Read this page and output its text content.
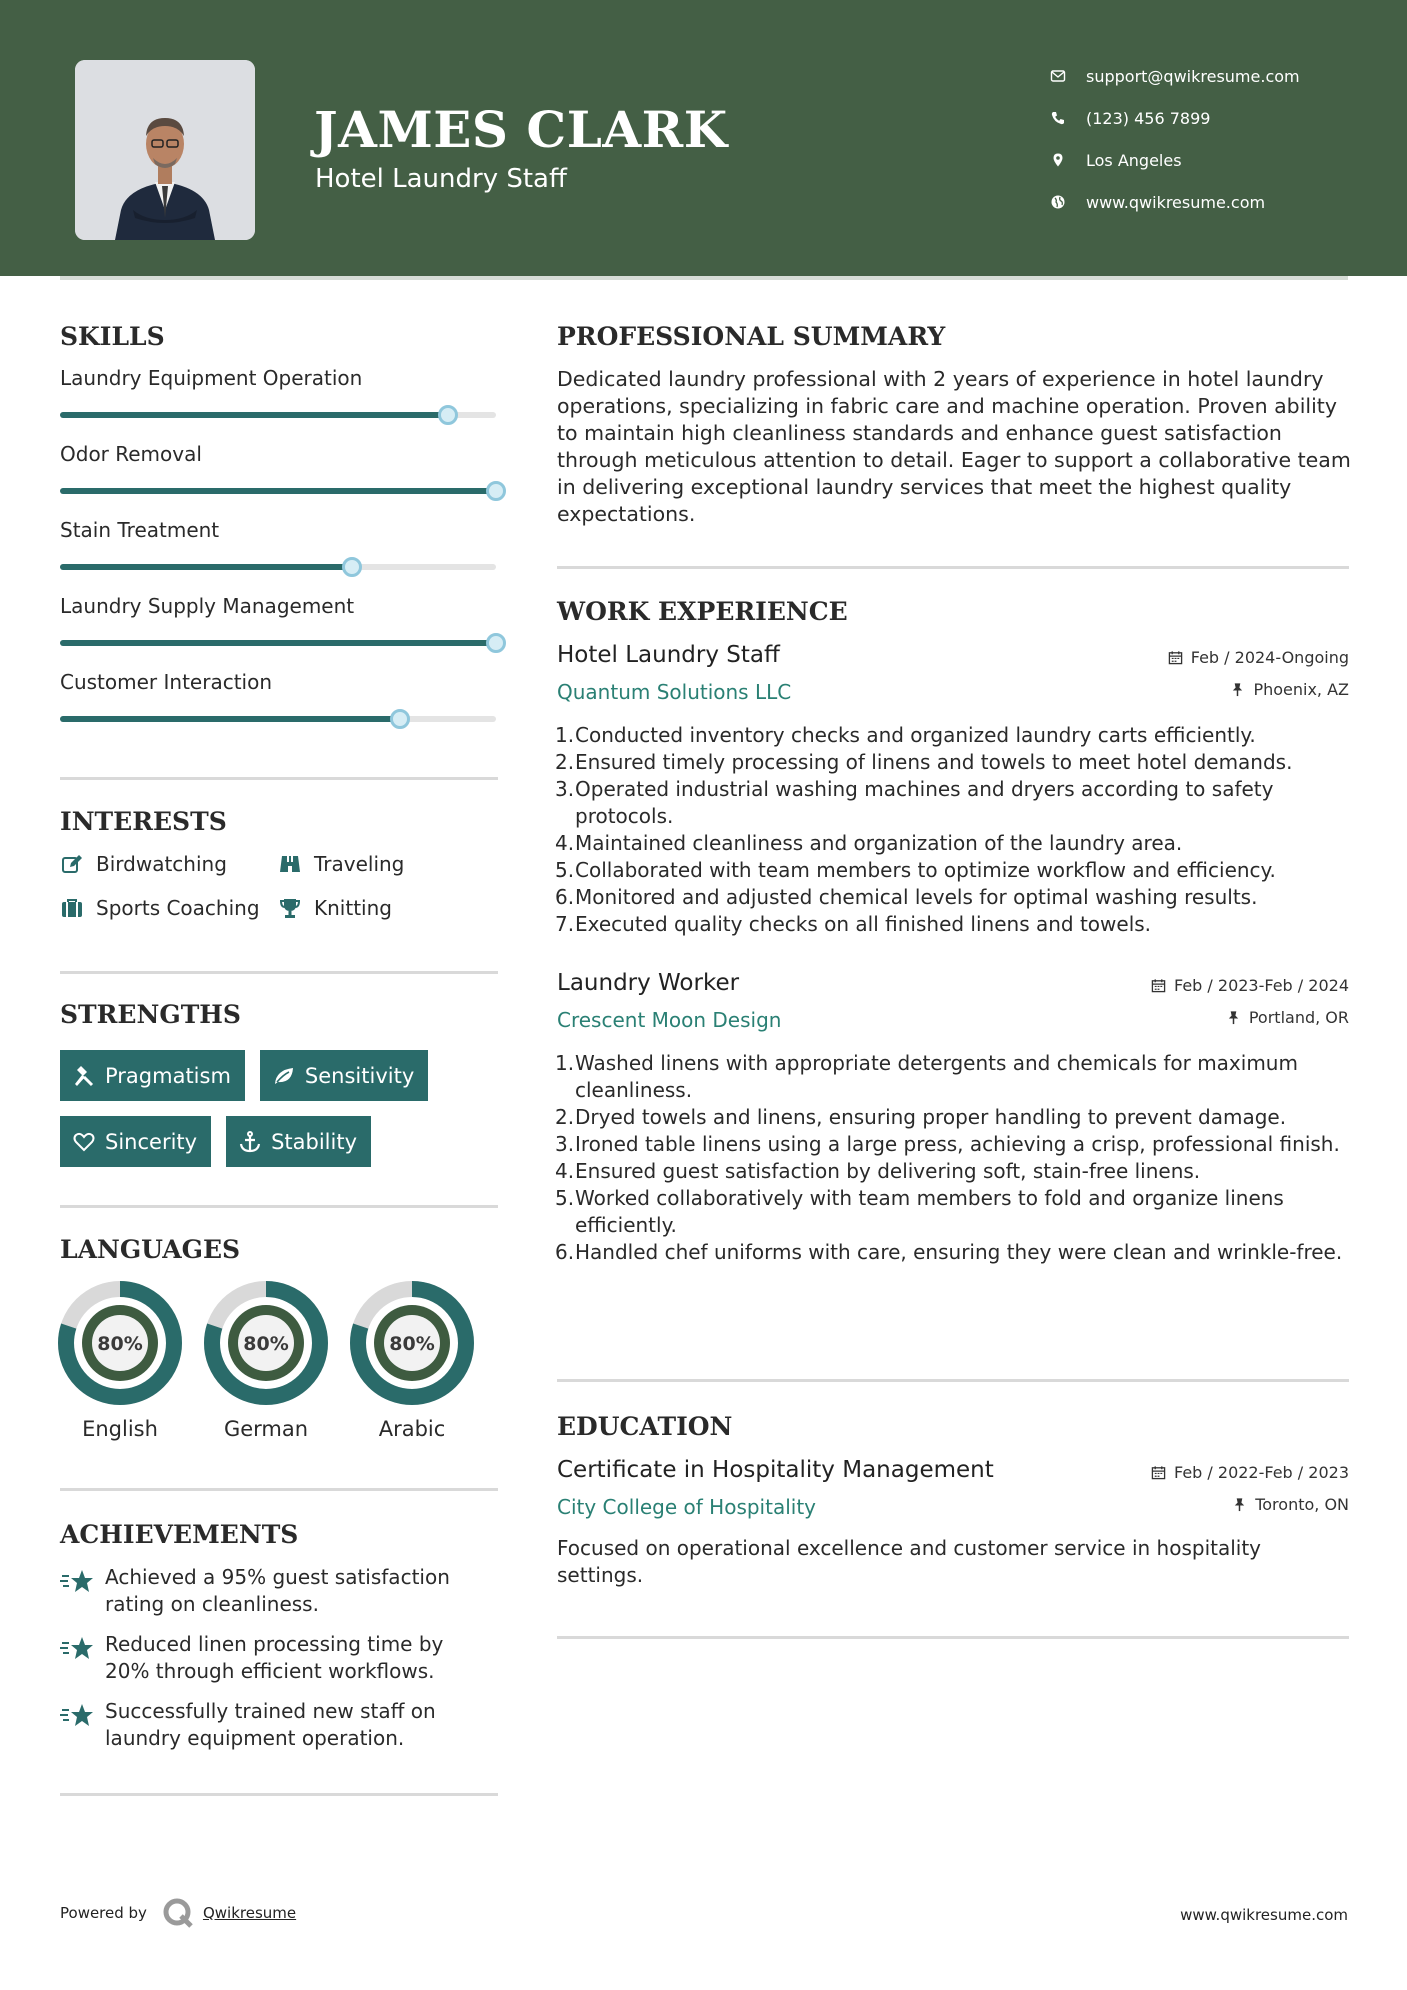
JAMES CLARK
Hotel Laundry Staff
support@qwikresume.com
(123) 456 7899
Los Angeles
www.qwikresume.com
SKILLS
Laundry Equipment Operation
Odor Removal
Stain Treatment
Laundry Supply Management
Customer Interaction
INTERESTS
Birdwatching	Traveling
Sports Coaching	Knitting
STRENGTHS
Pragmatism	Sensitivity
Sincerity	Stability
LANGUAGES
80%
English
80%
German
80%
Arabic
ACHIEVEMENTS
Achieved a 95% guest satisfaction rating on cleanliness.
Reduced linen processing time by 20% through efficient workflows.
Successfully trained new staff on laundry equipment operation.
PROFESSIONAL SUMMARY
Dedicated laundry professional with 2 years of experience in hotel laundry operations, specializing in fabric care and machine operation. Proven ability to maintain high cleanliness standards and enhance guest satisfaction through meticulous attention to detail. Eager to support a collaborative team in delivering exceptional laundry services that meet the highest quality expectations.
WORK EXPERIENCE
Hotel Laundry Staff
Quantum Solutions LLC
Feb / 2024-Ongoing
Phoenix, AZ
1. Conducted inventory checks and organized laundry carts efficiently.
2. Ensured timely processing of linens and towels to meet hotel demands.
3. Operated industrial washing machines and dryers according to safety protocols.
4. Maintained cleanliness and organization of the laundry area.
5. Collaborated with team members to optimize workflow and efficiency.
6. Monitored and adjusted chemical levels for optimal washing results.
7. Executed quality checks on all finished linens and towels.
Laundry Worker
Crescent Moon Design
Feb / 2023-Feb / 2024
Portland, OR
1. Washed linens with appropriate detergents and chemicals for maximum cleanliness.
2. Dryed towels and linens, ensuring proper handling to prevent damage.
3. Ironed table linens using a large press, achieving a crisp, professional finish.
4. Ensured guest satisfaction by delivering soft, stain-free linens.
5. Worked collaboratively with team members to fold and organize linens efficiently.
6. Handled chef uniforms with care, ensuring they were clean and wrinkle-free.
EDUCATION
Certificate in Hospitality Management
City College of Hospitality
Feb / 2022-Feb / 2023
Toronto, ON
Focused on operational excellence and customer service in hospitality settings.
Powered by	Qwikresume	www.qwikresume.com
